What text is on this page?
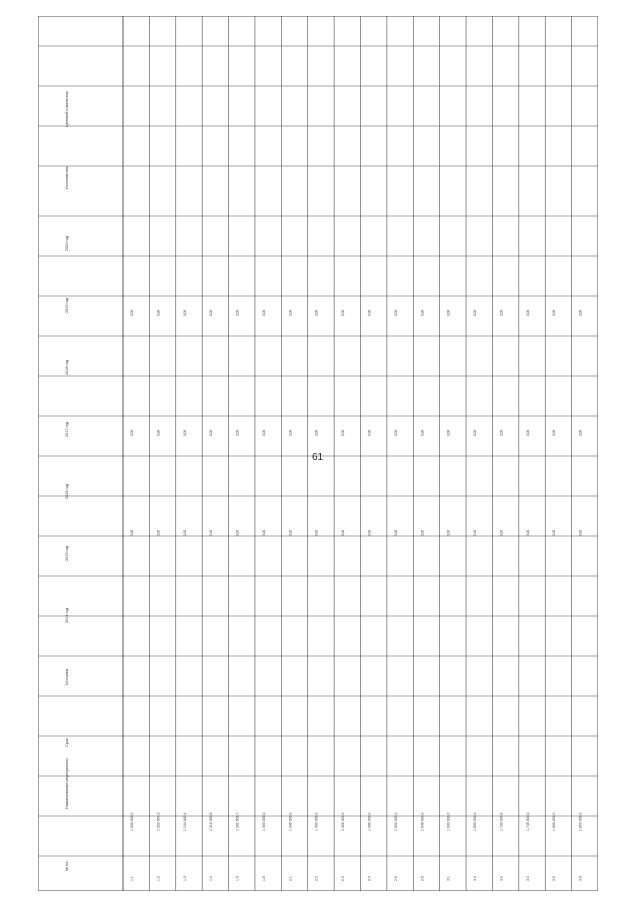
1.1
1 000 000,0
0,00
0,00
0,00
1.2
1 023 654,3
0,00
0,00
0,00
1.3
1 164 400,4
0,00
0,00
0,00
1.4
1 212 300,8
0,00
0,00
0,00
1.5
1 261 500,7
0,00
0,00
0,00
1.6
1 300 000,0
0,00
0,00
0,00
2.1
1 345 000,0
0,00
0,00
0,00
2.2
1 400 000,0
0,00
0,00
0,00
2.3
1 426 000,0
0,00
0,00
0,00
2.4
1 480 000,0
0,00
0,00
0,00
2.5
1 502 000,0
0,00
0,00
0,00
2.6
1 548 000,0
0,00
0,00
0,00
3.1
1 600 000,0
0,00
0,00
0,00
3.2
1 650 000,0
0,00
0,00
0,00
3.3
1 700 000,0
0,00
0,00
0,00
3.4
1 745 000,0
0,00
0,00
0,00
3.5
1 800 000,0
0,00
0,00
0,00
3.6
1 850 000,0
0,00
0,00
0,00
№ п/п
Наименование мероприятия
Срок
Источник
2014 год
2015 год
2016 год
2017 год
2018 год
2019 год
2020 год
Исполнитель
Целевой показатель
61
